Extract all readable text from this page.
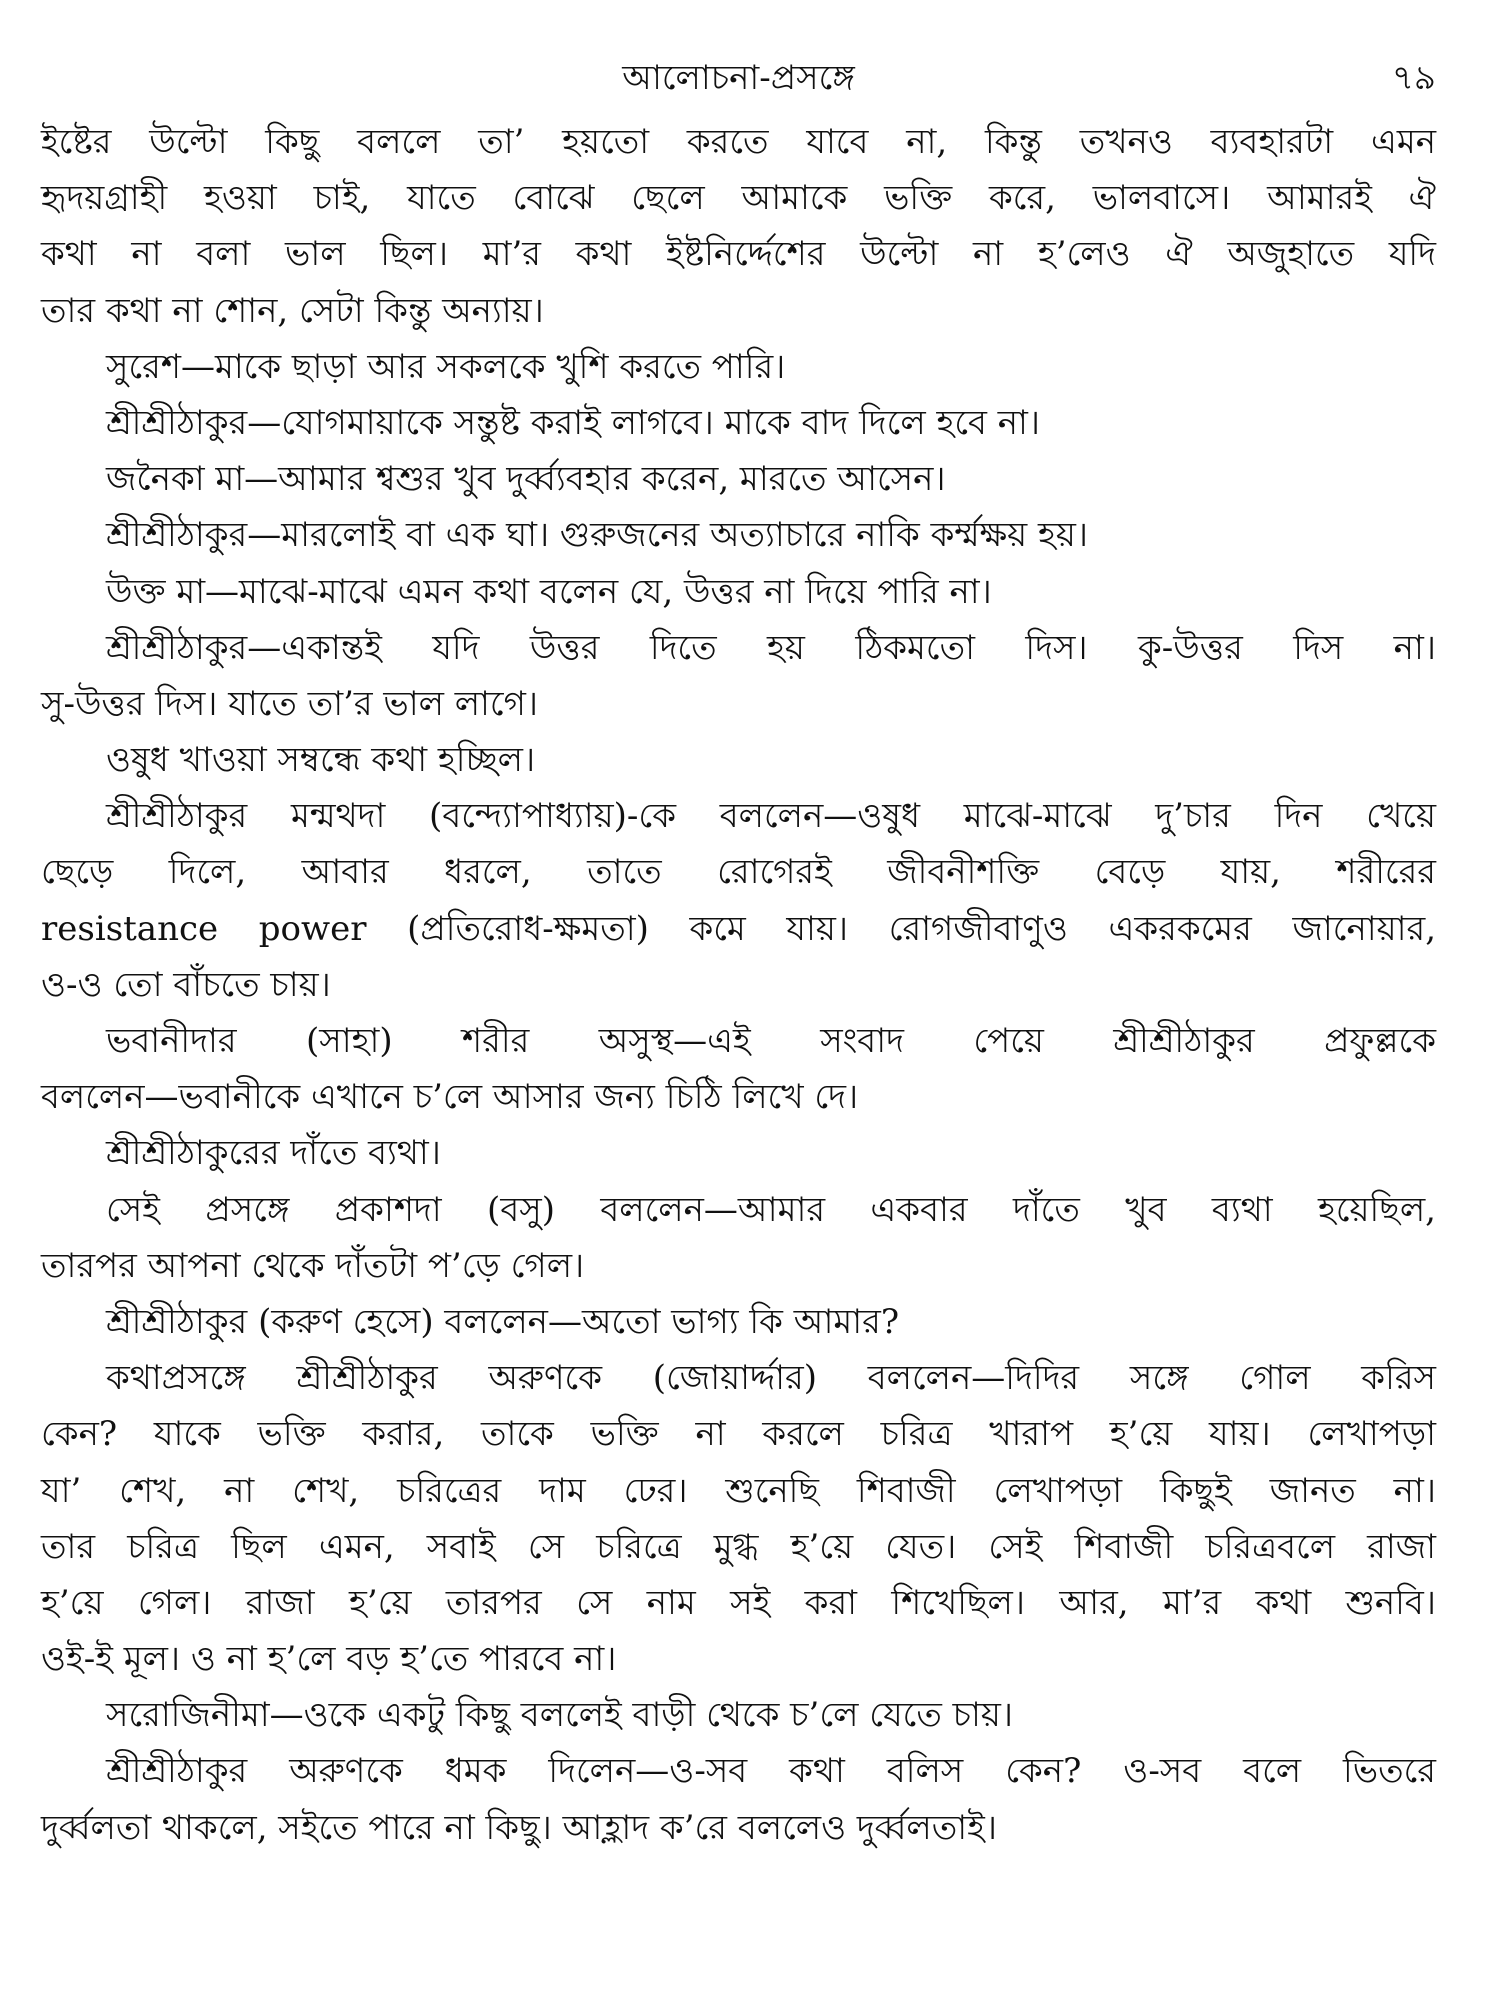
আলোচনা-প্রসঙ্গে	৭৯
ইষ্টের উল্টো কিছু বললে তা’ হয়তো করতে যাবে না, কিন্তু তখনও ব্যবহারটা এমন
হৃদয়গ্রাহী হওয়া চাই, যাতে বোঝে ছেলে আমাকে ভক্তি করে, ভালবাসে। আমারই ঐ
কথা না বলা ভাল ছিল। মা’র কথা ইষ্টনির্দ্দেশের উল্টো না হ’লেও ঐ অজুহাতে যদি
তার কথা না শোন, সেটা কিন্তু অন্যায়।
সুরেশ—মাকে ছাড়া আর সকলকে খুশি করতে পারি।
শ্রীশ্রীঠাকুর—যোগমায়াকে সন্তুষ্ট করাই লাগবে। মাকে বাদ দিলে হবে না।
জনৈকা মা—আমার শ্বশুর খুব দুর্ব্ব্যবহার করেন, মারতে আসেন।
শ্রীশ্রীঠাকুর—মারলোই বা এক ঘা। গুরুজনের অত্যাচারে নাকি কর্ম্মক্ষয় হয়।
উক্ত মা—মাঝে-মাঝে এমন কথা বলেন যে, উত্তর না দিয়ে পারি না।
শ্রীশ্রীঠাকুর—একান্তই যদি উত্তর দিতে হয় ঠিকমতো দিস। কু-উত্তর দিস না।
সু-উত্তর দিস। যাতে তা’র ভাল লাগে।
ওষুধ খাওয়া সম্বন্ধে কথা হচ্ছিল।
শ্রীশ্রীঠাকুর মন্মথদা (বন্দ্যোপাধ্যায়)-কে বললেন—ওষুধ মাঝে-মাঝে দু’চার দিন খেয়ে
ছেড়ে দিলে, আবার ধরলে, তাতে রোগেরই জীবনীশক্তি বেড়ে যায়, শরীরের
resistance power (প্রতিরোধ-ক্ষমতা) কমে যায়। রোগজীবাণুও একরকমের জানোয়ার,
ও-ও তো বাঁচতে চায়।
ভবানীদার (সাহা) শরীর অসুস্থ—এই সংবাদ পেয়ে শ্রীশ্রীঠাকুর প্রফুল্লকে
বললেন—ভবানীকে এখানে চ’লে আসার জন্য চিঠি লিখে দে।
শ্রীশ্রীঠাকুরের দাঁতে ব্যথা।
সেই প্রসঙ্গে প্রকাশদা (বসু) বললেন—আমার একবার দাঁতে খুব ব্যথা হয়েছিল,
তারপর আপনা থেকে দাঁতটা প’ড়ে গেল।
শ্রীশ্রীঠাকুর (করুণ হেসে) বললেন—অতো ভাগ্য কি আমার?
কথাপ্রসঙ্গে শ্রীশ্রীঠাকুর অরুণকে (জোয়ার্দ্দার) বললেন—দিদির সঙ্গে গোল করিস
কেন? যাকে ভক্তি করার, তাকে ভক্তি না করলে চরিত্র খারাপ হ’য়ে যায়। লেখাপড়া
যা’ শেখ, না শেখ, চরিত্রের দাম ঢের। শুনেছি শিবাজী লেখাপড়া কিছুই জানত না।
তার চরিত্র ছিল এমন, সবাই সে চরিত্রে মুগ্ধ হ’য়ে যেত। সেই শিবাজী চরিত্রবলে রাজা
হ’য়ে গেল। রাজা হ’য়ে তারপর সে নাম সই করা শিখেছিল। আর, মা’র কথা শুনবি।
ওই-ই মূল। ও না হ’লে বড় হ’তে পারবে না।
সরোজিনীমা—ওকে একটু কিছু বললেই বাড়ী থেকে চ’লে যেতে চায়।
শ্রীশ্রীঠাকুর অরুণকে ধমক দিলেন—ও-সব কথা বলিস কেন? ও-সব বলে ভিতরে
দুর্ব্বলতা থাকলে, সইতে পারে না কিছু। আহ্লাদ ক’রে বললেও দুর্ব্বলতাই।
